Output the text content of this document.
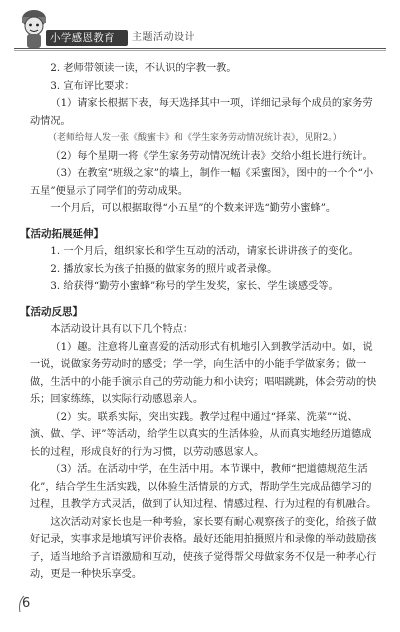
小学感恩教育 主题活动设计

2. 老师带领读一读，不认识的字教一教。

3. 宣布评比要求：

（1）请家长根据下表，每天选择其中一项，详细记录每个成员的家务劳动情况。

（老师给每人发一张《酸蜜卡》和《学生家务劳动情况统计表》，见附2。）

（2）每个星期一将《学生家务劳动情况统计表》交给小组长进行统计。

（3）在教室“班级之家”的墙上，制作一幅《采蜜图》，图中的一个个“小五星”便显示了同学们的劳动成果。

一个月后，可以根据取得“小五星”的个数来评选“勤劳小蜜蜂”。

【活动拓展延伸】

1. 一个月后，组织家长和学生互动的活动，请家长讲讲孩子的变化。

2. 播放家长为孩子拍摄的做家务的照片或者录像。

3. 给获得“勤劳小蜜蜂”称号的学生发奖，家长、学生谈感受等。

【活动反思】

本活动设计具有以下几个特点：

（1）趣。注意将儿童喜爱的活动形式有机地引入到教学活动中。如，说一说，说做家务劳动时的感受；学一学，向生活中的小能手学做家务；做一做，生活中的小能手演示自己的劳动能力和小诀窍；唱唱跳跳，体会劳动的快乐；回家练练，以实际行动感恩亲人。

（2）实。联系实际，突出实践。教学过程中通过“择菜、洗菜”“说、演、做、学、评”等活动，给学生以真实的生活体验，从而真实地经历道德成长的过程，形成良好的行为习惯，以劳动感恩家人。

（3）活。在活动中学，在生活中用。本节课中，教师“把道德规范生活化”，结合学生生活实践，以体验生活情景的方式，帮助学生完成品德学习的过程，且教学方式灵活，做到了认知过程、情感过程、行为过程的有机融合。

这次活动对家长也是一种考验，家长要有耐心观察孩子的变化，给孩子做好记录，实事求是地填写评价表格。最好还能用拍摄照片和录像的举动鼓励孩子，适当地给予言语激励和互动，使孩子觉得帮父母做家务不仅是一种孝心行动，更是一种快乐享受。

6
